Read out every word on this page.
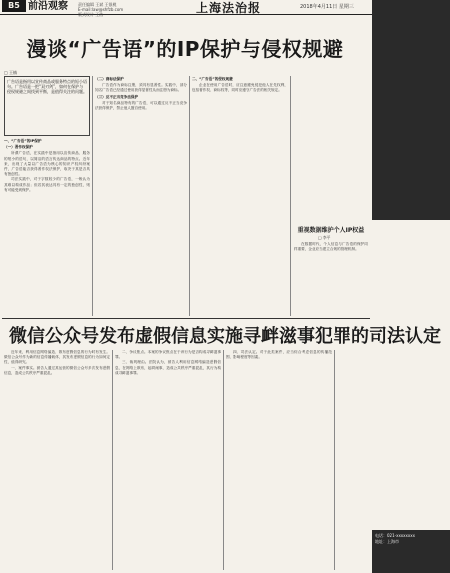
B5 前沿观察	责任编辑 王斌 王银桃
E-mail:law@shfzb.com
版式设计 王浩	上海法治报	2018年4月11日 星期三
漫谈“广告语”的IP保护与侵权规避
□ 王楠
广告语是指用以宣传商品或服务特点的短小语句。广告语是一把“双刃剑”，如何在保护与侵权规避之间找到平衡，是值得关注的问题。

一、“广告语”的IP保护

（一）著作权保护

所谓广告语，在实践中是指用以宣传商品、服务的短小的语句，以简洁的语言传达商品的特点。近年来，出现了大量以广告语为核心的知识产权纠纷案件，广告语能否获得著作权法保护，取决于其是否具有独创性。

司法实践中，对于字数较少的广告语，一般认为其难以构成作品；但若其表达具有一定的独创性，则有可能受到保护。

（二）商标法保护

广告语作为商标注册，须具有显著性。实践中，部分知名广告语已经通过使用获得显著性从而注册为商标。

（三）反不正当竞争法保护

对于知名商品特有的广告语，可以通过反不正当竞争法获得保护，禁止他人擅自使用。

二、“广告语”的侵权规避

企业在使用广告语时，应注意避免侵犯他人在先权利，包括著作权、商标权等，同时应遵守广告法的相关规定。

重视数据维护个人IP权益
□ 李平

在数据时代，个人信息与广告语的保护同样重要，企业应当建立合规的管理机制。

微信公众号发布虚假信息实施寻衅滋事犯罪的司法认定

近年来，利用信息网络编造、散布虚假信息的行为时有发生。微信公众号作为新的信息传播载体，其发布虚假信息的行为如何定性，值得研究。

一、案件事实。被告人通过其运营的微信公众号多次发布虚假信息，造成公共秩序严重混乱。

二、争议焦点。本案的争议焦点在于该行为是否构成寻衅滋事罪。

三、裁判理由。法院认为，被告人利用信息网络编造虚假信息，在网络上散布，起哄闹事，造成公共秩序严重混乱，其行为构成寻衅滋事罪。

四、司法认定。对于此类案件，应当综合考虑信息的传播范围、影响程度等因素。

电话：021-xxxxxxxx
地址：上海市
